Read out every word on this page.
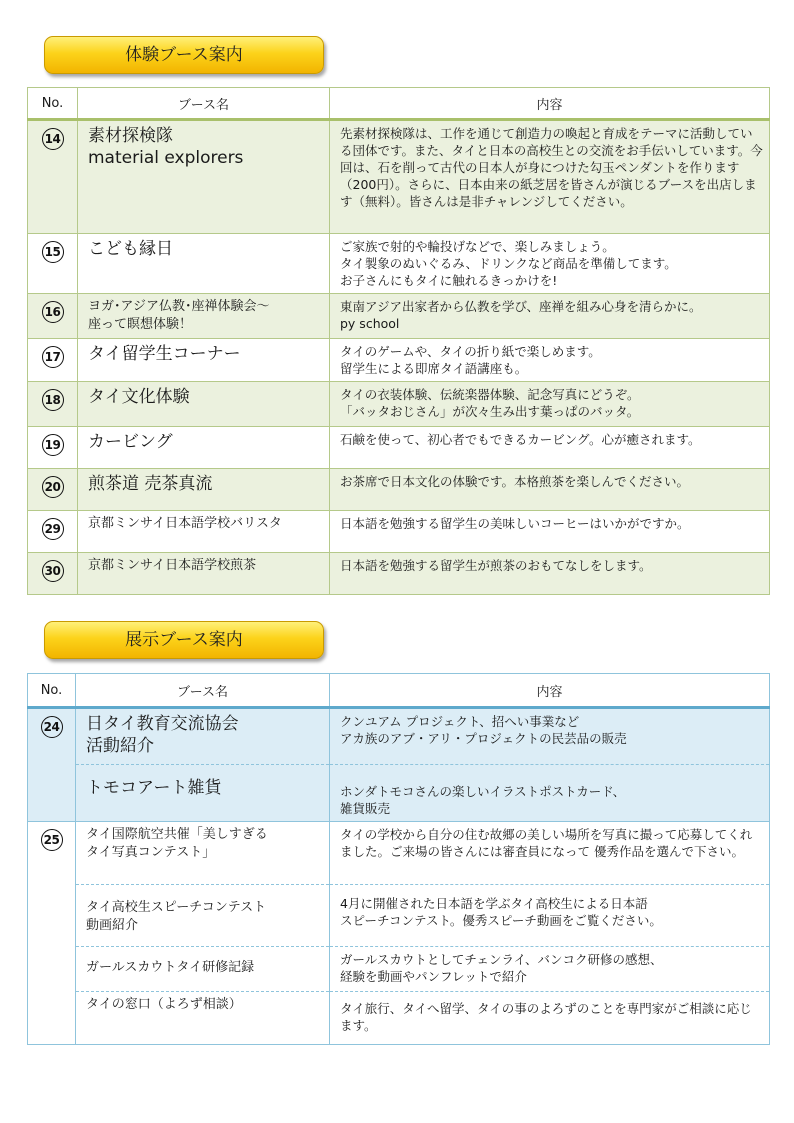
体験ブース案内
No.	ブース名	内容
14	素材探検隊
material explorers	先素材探検隊は、工作を通じて創造力の喚起と育成をテーマに活動している団体です。また、タイと日本の高校生との交流をお手伝いしています。今回は、石を削って古代の日本人が身につけた勾玉ペンダントを作ります（200円）。さらに、日本由来の紙芝居を皆さんが演じるブースを出店します（無料）。皆さんは是非チャレンジしてください。
15	こども縁日	ご家族で射的や輪投げなどで、楽しみましょう。
タイ製象のぬいぐるみ、ドリンクなど商品を準備してます。
お子さんにもタイに触れるきっかけを!
16	ヨガ･アジア仏教･座禅体験会～
座って瞑想体験！	東南アジア出家者から仏教を学び、座禅を組み心身を清らかに。
py school
17	タイ留学生コーナー	タイのゲームや、タイの折り紙で楽しめます。
留学生による即席タイ語講座も。
18	タイ文化体験	タイの衣装体験、伝統楽器体験、記念写真にどうぞ。
「バッタおじさん」が次々生み出す葉っぱのバッタ。
19	カービング	石鹸を使って、初心者でもできるカービング。心が癒されます。
20	煎茶道 売茶真流	お茶席で日本文化の体験です。本格煎茶を楽しんでください。
29	京都ミンサイ日本語学校バリスタ	日本語を勉強する留学生の美味しいコーヒーはいかがですか。
30	京都ミンサイ日本語学校煎茶	日本語を勉強する留学生が煎茶のおもてなしをします。
展示ブース案内
No.	ブース名	内容
24	日タイ教育交流協会
活動紹介	クンユアム プロジェクト、招へい事業など
アカ族のアブ・アリ・プロジェクトの民芸品の販売
	トモコアート雑貨	ホンダトモコさんの楽しいイラストポストカード、
雑貨販売
25	タイ国際航空共催「美しすぎる
タイ写真コンテスト」	タイの学校から自分の住む故郷の美しい場所を写真に撮って応募してくれました。ご来場の皆さんには審査員になって 優秀作品を選んで下さい。
	タイ高校生スピーチコンテスト
動画紹介	4月に開催された日本語を学ぶタイ高校生による日本語
スピーチコンテスト。優秀スピーチ動画をご覧ください。
	ガールスカウトタイ研修記録	ガールスカウトとしてチェンライ、バンコク研修の感想、
経験を動画やパンフレットで紹介
	タイの窓口（よろず相談）	タイ旅行、タイへ留学、タイの事のよろずのことを専門家がご相談に応じます。
